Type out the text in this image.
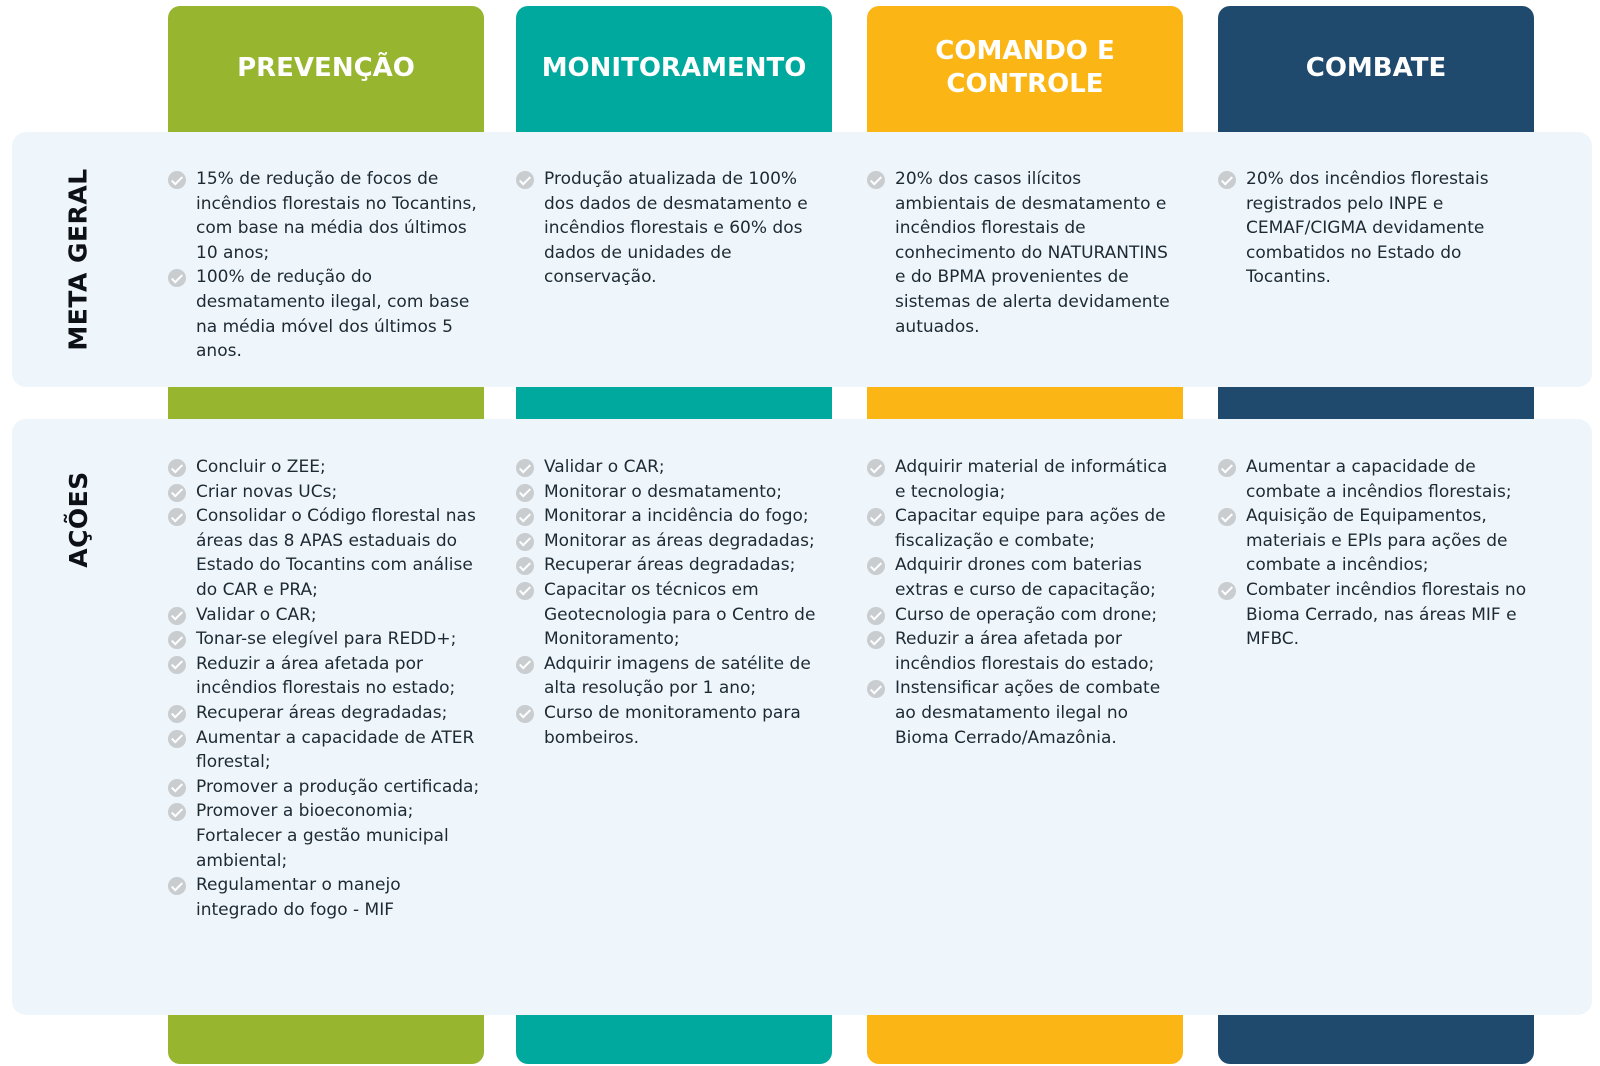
PREVENÇÃO	MONITORAMENTO
COMANDO E
CONTROLE
COMBATE
META GERAL
AÇÕES
15% de redução de focos de incêndios florestais no Tocantins, com base na média dos últimos 10 anos;
100% de redução do desmatamento ilegal, com base na média móvel dos últimos 5 anos.
Produção atualizada de 100% dos dados de desmatamento e incêndios florestais e 60% dos dados de unidades de conservação.
20% dos casos ilícitos ambientais de desmatamento e incêndios florestais de conhecimento do NATURANTINS e do BPMA provenientes de sistemas de alerta devidamente autuados.
20% dos incêndios florestais registrados pelo INPE e CEMAF/CIGMA devidamente combatidos no Estado do Tocantins.
Concluir o ZEE;
Criar novas UCs;
Consolidar o Código florestal nas áreas das 8 APAS estaduais do Estado do Tocantins com análise do CAR e PRA;
Validar o CAR;
Tonar-se elegível para REDD+;
Reduzir a área afetada por incêndios florestais no estado;
Recuperar áreas degradadas;
Aumentar a capacidade de ATER florestal;
Promover a produção certificada;
Promover a bioeconomia; Fortalecer a gestão municipal ambiental;
Regulamentar o manejo integrado do fogo - MIF
Validar o CAR;
Monitorar o desmatamento;
Monitorar a incidência do fogo;
Monitorar as áreas degradadas;
Recuperar áreas degradadas;
Capacitar os técnicos em Geotecnologia para o Centro de Monitoramento;
Adquirir imagens de satélite de alta resolução por 1 ano;
Curso de monitoramento para bombeiros.
Adquirir material de informática e tecnologia;
Capacitar equipe para ações de fiscalização e combate;
Adquirir drones com baterias extras e curso de capacitação;
Curso de operação com drone;
Reduzir a área afetada por incêndios florestais do estado;
Instensificar ações de combate ao desmatamento ilegal no Bioma Cerrado/Amazônia.
Aumentar a capacidade de combate a incêndios florestais;
Aquisição de Equipamentos, materiais e EPIs para ações de combate a incêndios;
Combater incêndios florestais no Bioma Cerrado, nas áreas MIF e MFBC.
